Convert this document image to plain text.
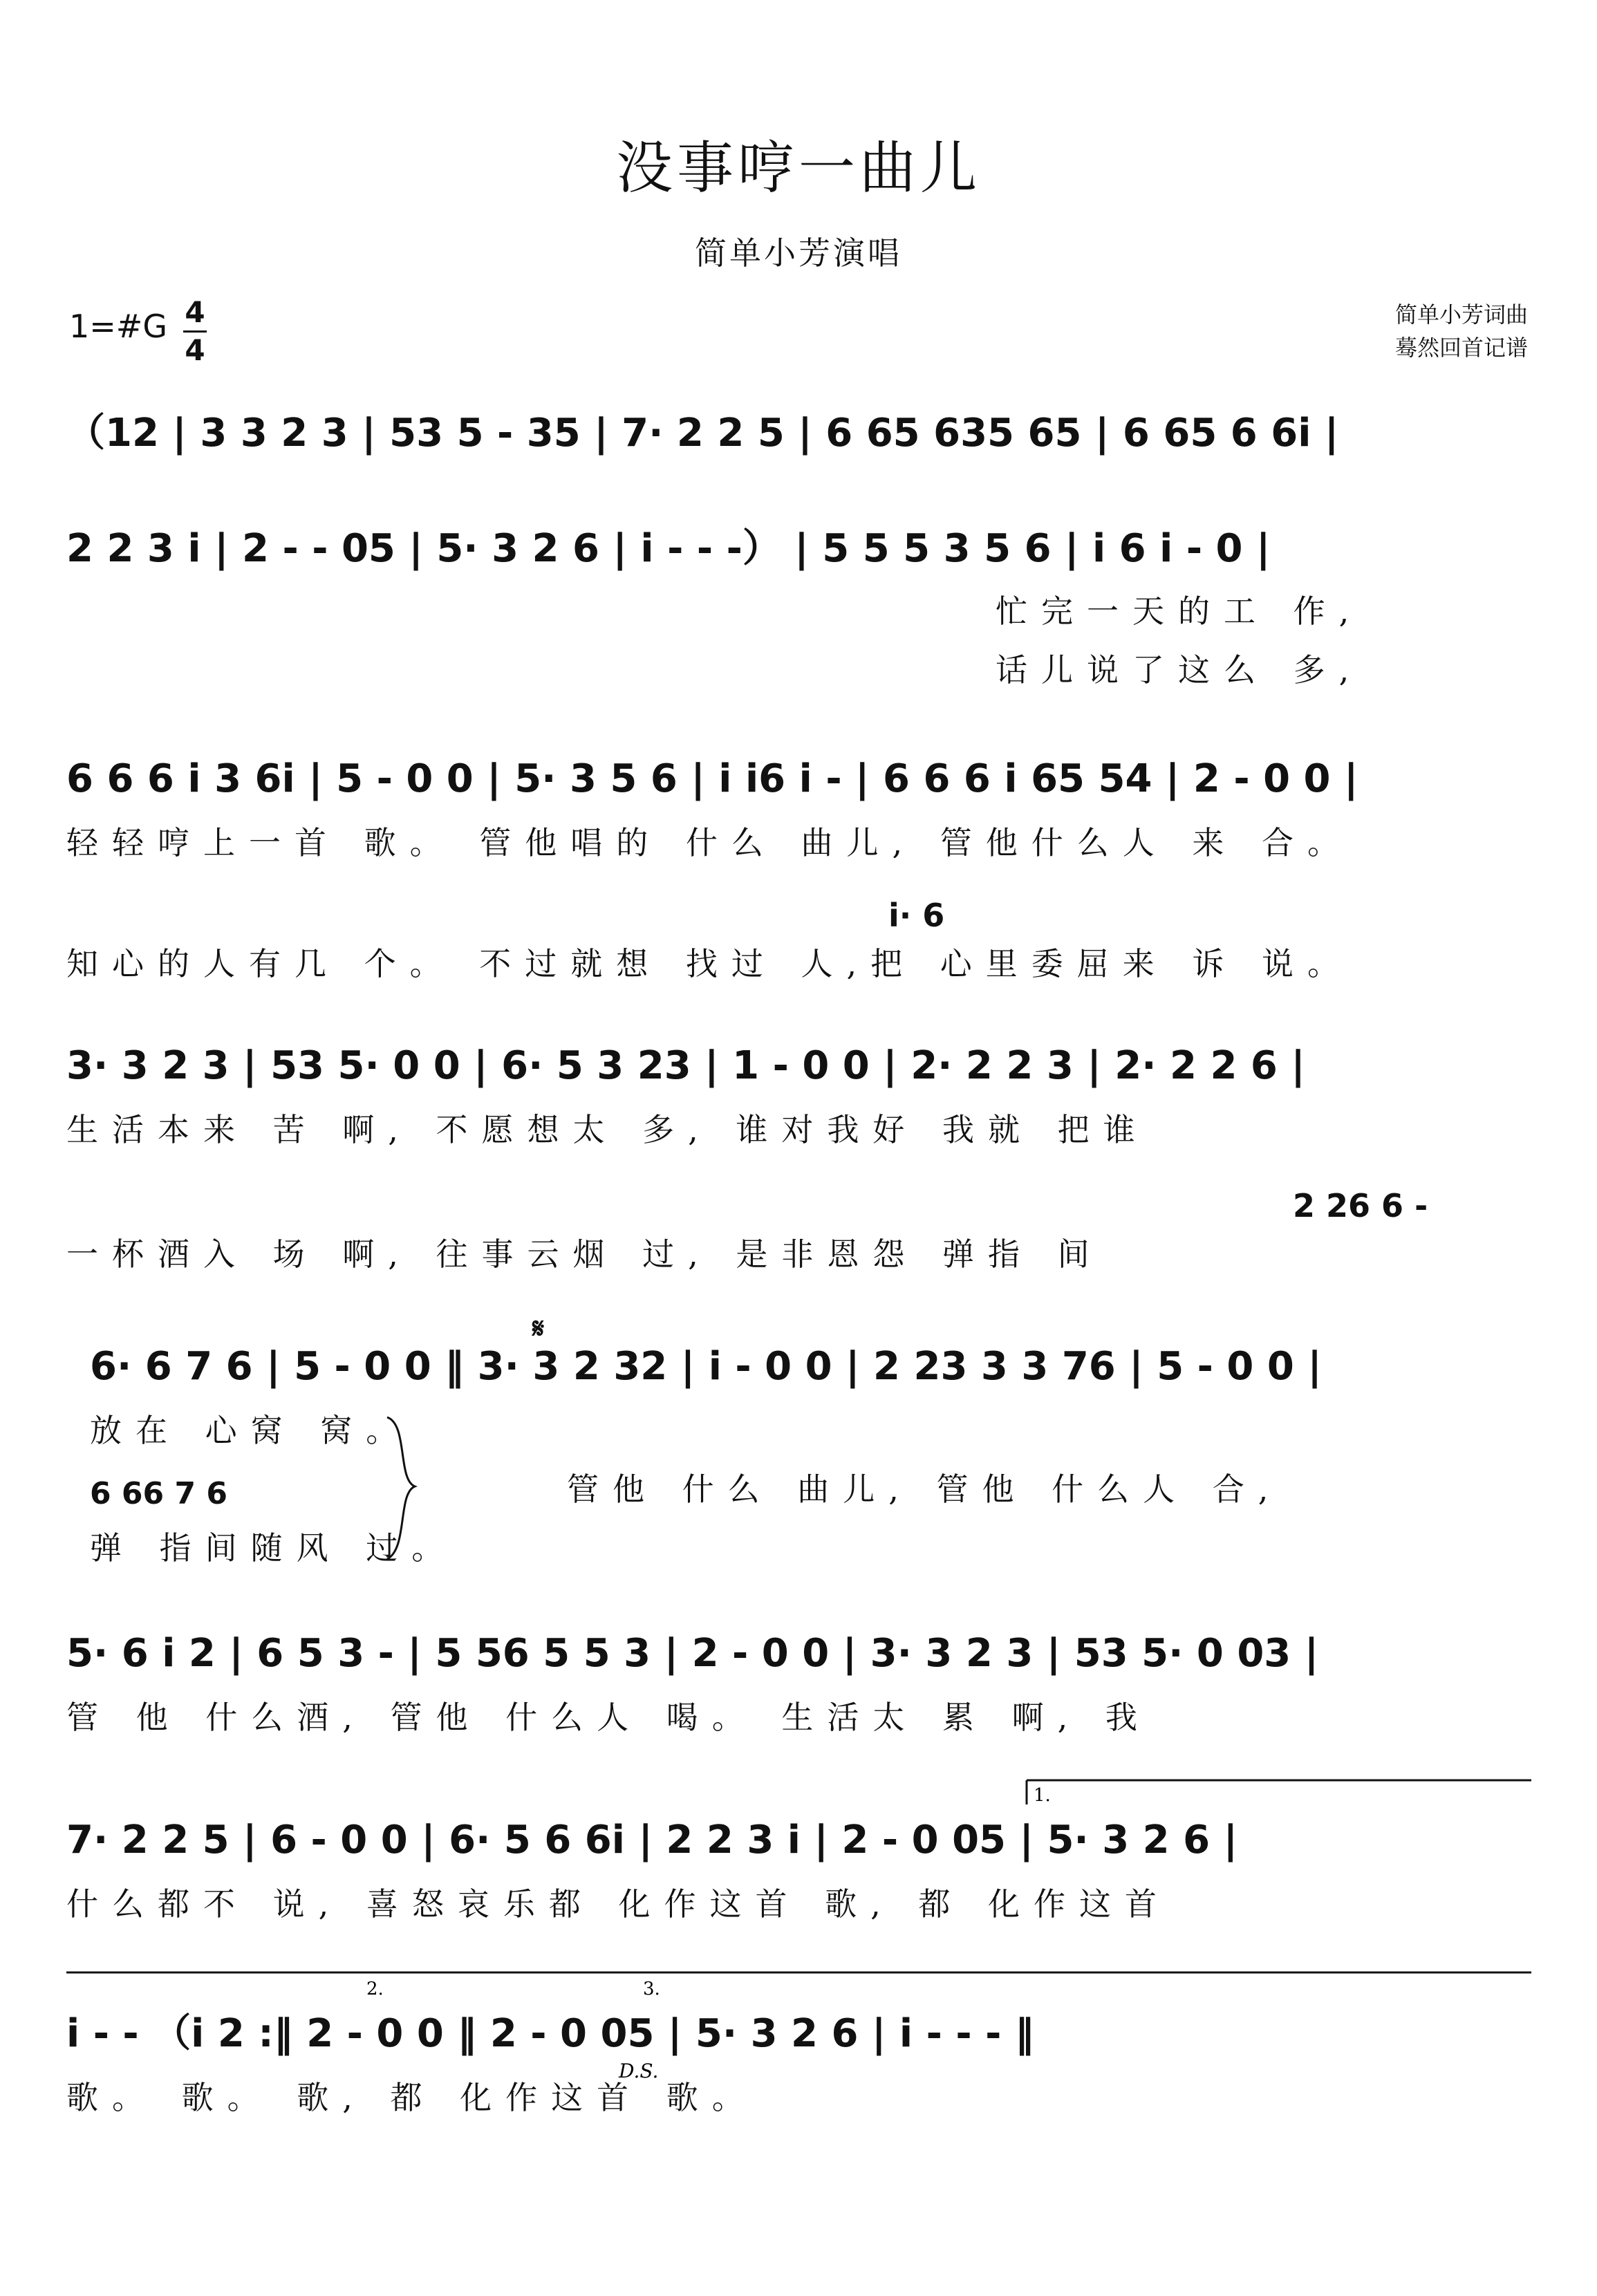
没事哼一曲儿
简单小芳演唱
1=#G 4
4
简单小芳词曲
蓦然回首记谱
（12 | 3 3 2 3 | 53 5 - 35 | 7· 2 2 5 | 6 65 635 65 | 6 65 6 6i |
2 2 3 i | 2 - - 05 | 5· 3 2 6 | i - - -） | 5 5 5 3 5 6 | i 6 i - 0 |
忙完一天的工 作,
话儿说了这么 多,
6 6 6 i 3 6i | 5 - 0 0 | 5· 3 5 6 | i i6 i - | 6 6 6 i 65 54 | 2 - 0 0 |
轻轻哼上一首 歌。 管他唱的 什么 曲儿, 管他什么人 来 合。
i· 6
知心的人有几 个。 不过就想 找过 人,把 心里委屈来 诉 说。
3· 3 2 3 | 53 5· 0 0 | 6· 5 3 23 | 1 - 0 0 | 2· 2 2 3 | 2· 2 2 6 |
生活本来 苦 啊, 不愿想太 多, 谁对我好 我就 把谁
2 26 6 -
一杯酒入 场 啊, 往事云烟 过, 是非恩怨 弹指 间
6· 6 7 6 | 5 - 0 0 ‖ 3· 3 2 32 | i - 0 0 | 2 23 3 3 76 | 5 - 0 0 |
放在 心窝 窝。
6 66 7 6
弹 指间随风 过。
管他 什么 曲儿, 管他 什么人 合,
𝄋
5· 6 i 2 | 6 5 3 - | 5 56 5 5 3 | 2 - 0 0 | 3· 3 2 3 | 53 5· 0 03 |
管 他 什么酒, 管他 什么人 喝。 生活太 累 啊, 我
1.
7· 2 2 5 | 6 - 0 0 | 6· 5 6 6i | 2 2 3 i | 2 - 0 05 | 5· 3 2 6 |
什么都不 说, 喜怒哀乐都 化作这首 歌, 都 化作这首
2.	3.
i - - （i 2 :‖ 2 - 0 0 ‖ 2 - 0 05 | 5· 3 2 6 | i - - - ‖
D.S.
歌。 歌。 歌, 都 化作这首 歌。
